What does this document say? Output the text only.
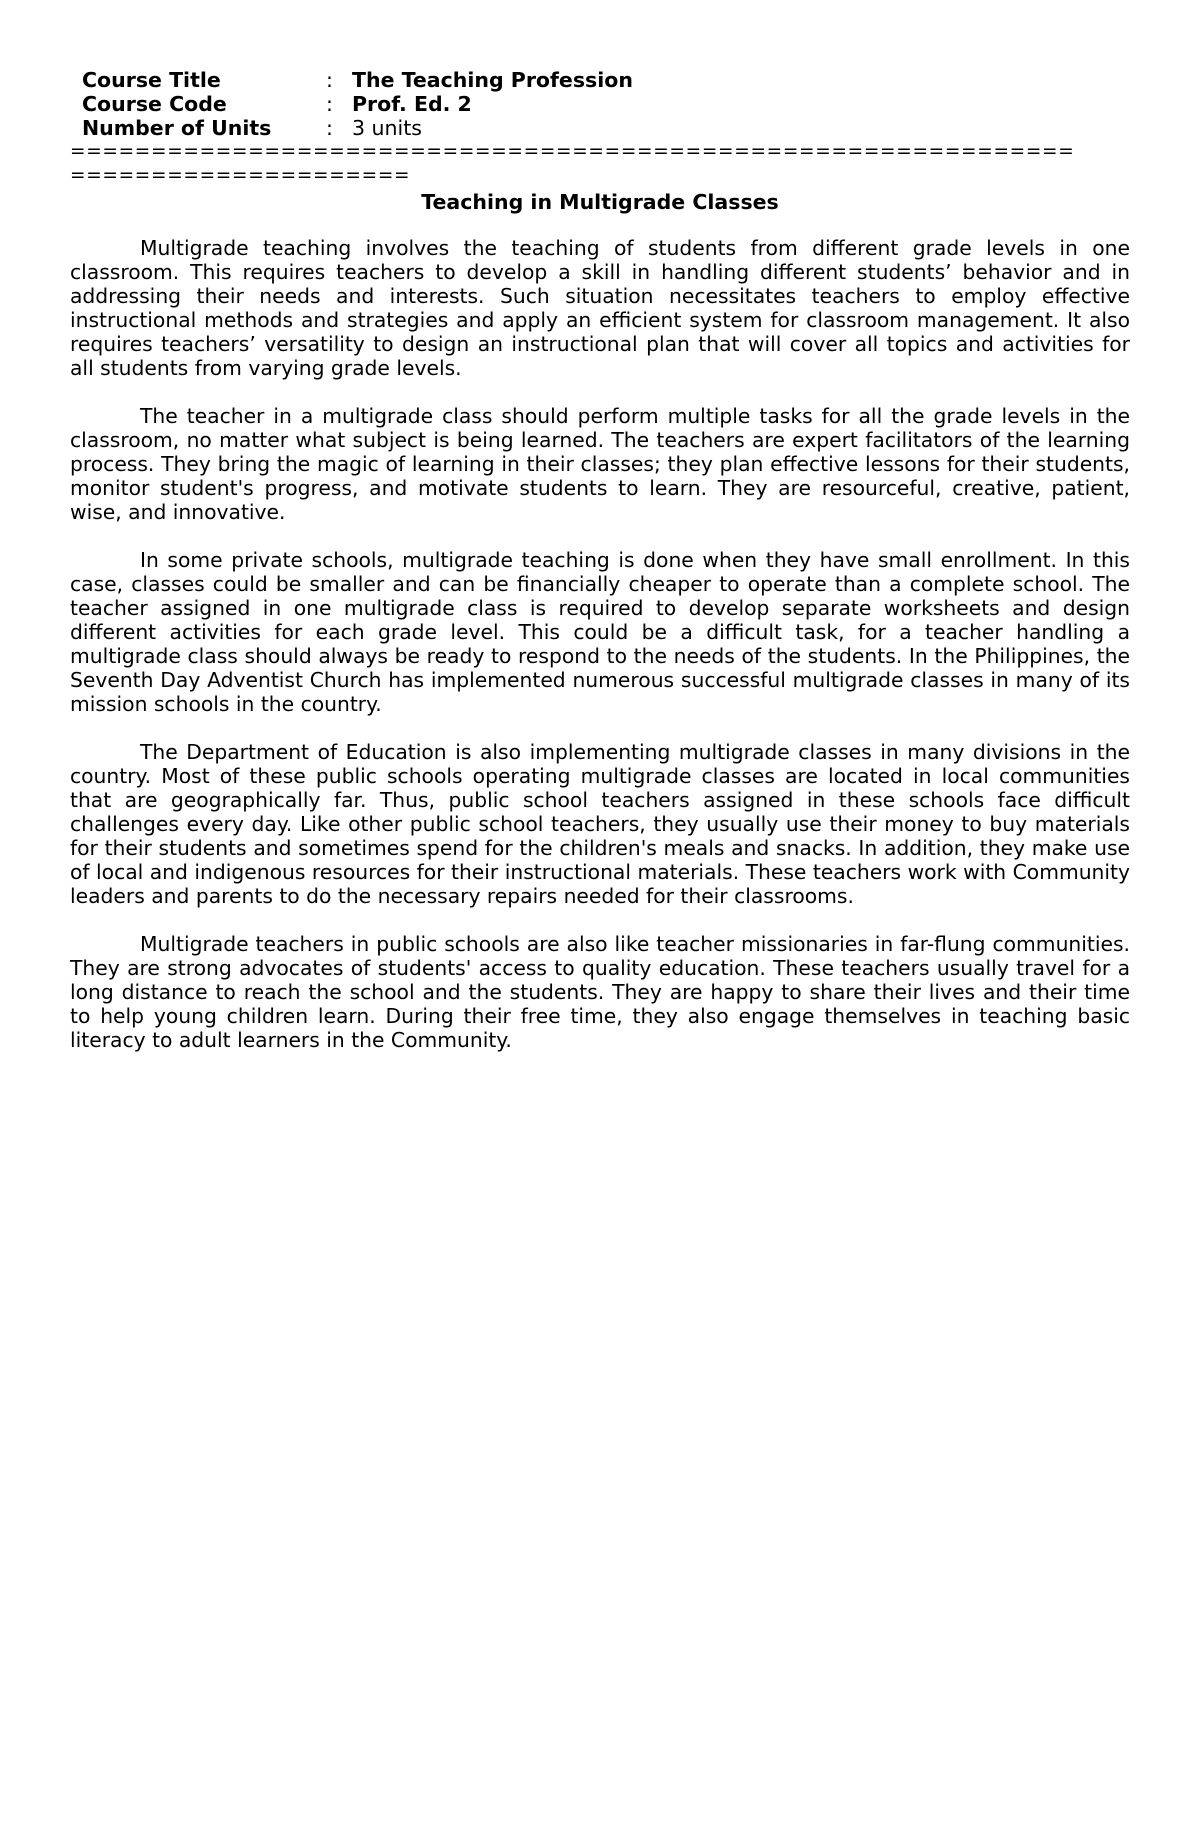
Course Title	: The Teaching Profession
Course Code	: Prof. Ed. 2
Number of Units	: 3 units
==============================================================
=====================
Teaching in Multigrade Classes

Multigrade teaching involves the teaching of students from different grade levels in one classroom. This requires teachers to develop a skill in handling different students’ behavior and in addressing their needs and interests. Such situation necessitates teachers to employ effective instructional methods and strategies and apply an efficient system for classroom management. It also requires teachers’ versatility to design an instructional plan that will cover all topics and activities for all students from varying grade levels.

The teacher in a multigrade class should perform multiple tasks for all the grade levels in the classroom, no matter what subject is being learned. The teachers are expert facilitators of the learning process. They bring the magic of learning in their classes; they plan effective lessons for their students, monitor student's progress, and motivate students to learn. They are resourceful, creative, patient, wise, and innovative.

In some private schools, multigrade teaching is done when they have small enrollment. In this case, classes could be smaller and can be financially cheaper to operate than a complete school. The teacher assigned in one multigrade class is required to develop separate worksheets and design different activities for each grade level. This could be a difficult task, for a teacher handling a multigrade class should always be ready to respond to the needs of the students. In the Philippines, the Seventh Day Adventist Church has implemented numerous successful multigrade classes in many of its mission schools in the country.

The Department of Education is also implementing multigrade classes in many divisions in the country. Most of these public schools operating multigrade classes are located in local communities that are geographically far. Thus, public school teachers assigned in these schools face difficult challenges every day. Like other public school teachers, they usually use their money to buy materials for their students and sometimes spend for the children's meals and snacks. In addition, they make use of local and indigenous resources for their instructional materials. These teachers work with Community leaders and parents to do the necessary repairs needed for their classrooms.

Multigrade teachers in public schools are also like teacher missionaries in far-flung communities. They are strong advocates of students' access to quality education. These teachers usually travel for a long distance to reach the school and the students. They are happy to share their lives and their time to help young children learn. During their free time, they also engage themselves in teaching basic literacy to adult learners in the Community.
